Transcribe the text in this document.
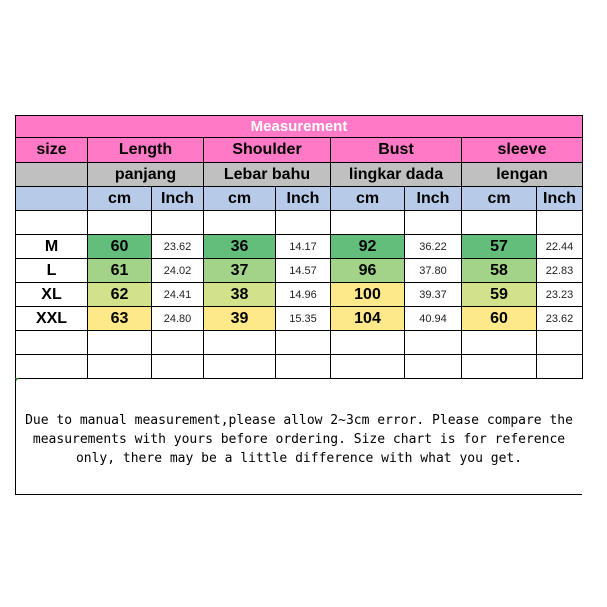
Measurement								
size	Length		Shoulder		Bust		sleeve	
	panjang		Lebar bahu		lingkar dada		lengan	
	cm	Inch	cm	Inch	cm	Inch	cm	Inch

M	60	23.62	36	14.17	92	36.22	57	22.44
L	61	24.02	37	14.57	96	37.80	58	22.83
XL	62	24.41	38	14.96	100	39.37	59	23.23
XXL	63	24.80	39	15.35	104	40.94	60	23.62

Due to manual measurement,please allow 2~3cm error. Please compare the
measurements with yours before ordering. Size chart is for reference
only, there may be a little difference with what you get.
